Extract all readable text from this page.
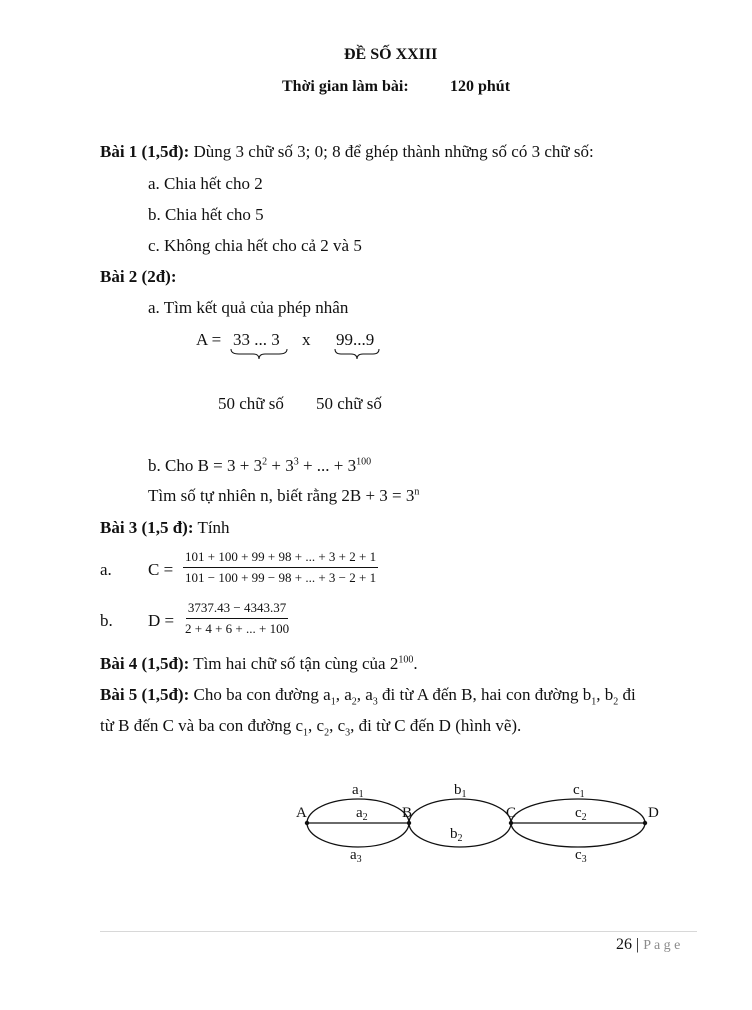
ĐỀ SỐ XXIII
Thời gian làm bài:	120 phút
Bài 1 (1,5đ): Dùng 3 chữ số 3; 0; 8 để ghép thành những số có 3 chữ số:
a. Chia hết cho 2
b. Chia hết cho 5
c. Không chia hết cho cả 2 và 5
Bài 2 (2đ):
a. Tìm kết quả của phép nhân
A = 33 ... 3 x 99...9
50 chữ số 50 chữ số
b. Cho $B = 3 + 3^2 + 3^3$ + ... + $3^{100}$
Tìm số tự nhiên n, biết rằng $2B + 3 = 3^n$
Bài 3 (1,5 đ): Tính
a. $C = \frac{101 + 100 + 99 + 98 + ... + 3 + 2 + 1}{101 - 100 + 99 - 98 + ... + 3 - 2 + 1}$
b. $D = \frac{3737.43 - 4343.37}{2 + 4 + 6 + ... + 100}$
Bài 4 (1,5đ): Tìm hai chữ số tận cùng của $2^{100}$.
Bài 5 (1,5đ): Cho ba con đường $a_1$, $a_2$, $a_3$ đi từ A đến B, hai con đường $b_1$, $b_2$ đi
từ B đến C và ba con đường $c_1$, $c_2$, $c_3$, đi từ C đến D (hình vẽ).
A	B	C	D
$a_1$
$a_2$
$a_3$
$b_1$
$b_2$
$c_1$
$c_2$
$c_3$
26 | P a g e
